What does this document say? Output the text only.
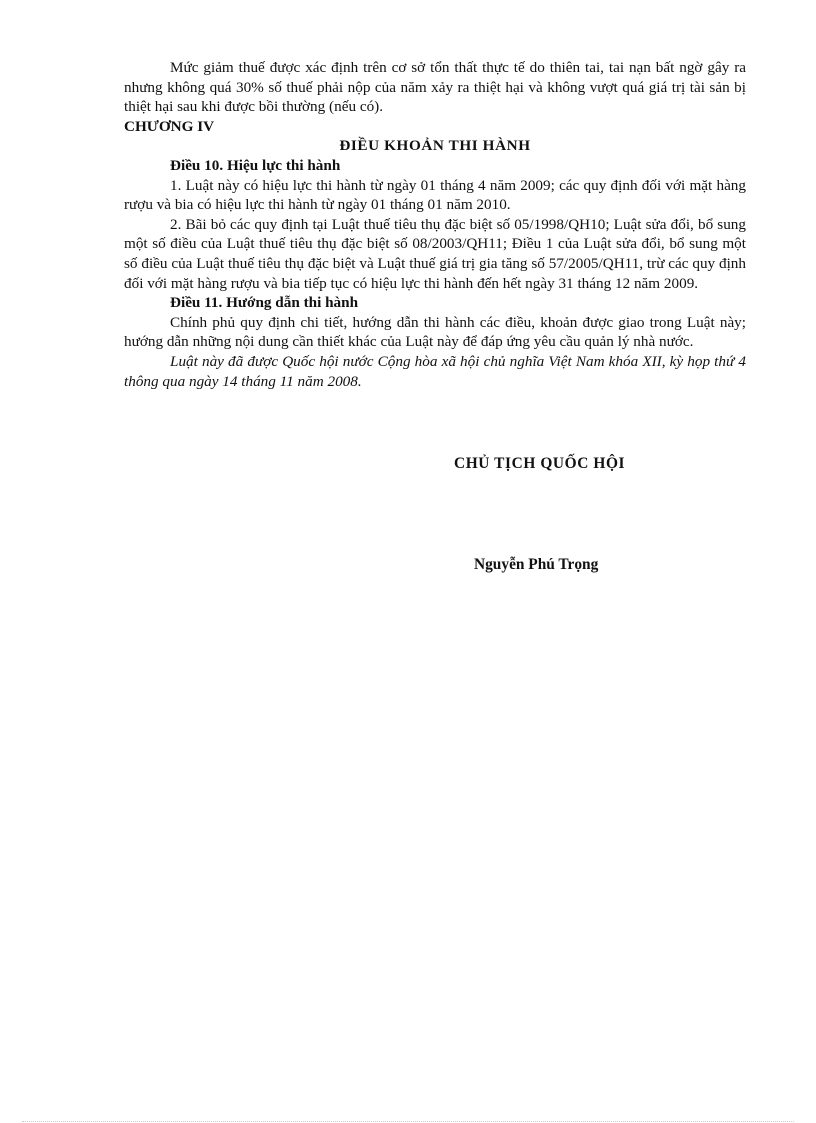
Mức giảm thuế được xác định trên cơ sở tổn thất thực tế do thiên tai, tai nạn bất ngờ gây ra nhưng không quá 30% số thuế phải nộp của năm xảy ra thiệt hại và không vượt quá giá trị tài sản bị thiệt hại sau khi được bồi thường (nếu có).

CHƯƠNG IV

ĐIỀU KHOẢN THI HÀNH

Điều 10. Hiệu lực thi hành

1. Luật này có hiệu lực thi hành từ ngày 01 tháng 4 năm 2009; các quy định đối với mặt hàng rượu và bia có hiệu lực thi hành từ ngày 01 tháng 01 năm 2010.

2. Bãi bỏ các quy định tại Luật thuế tiêu thụ đặc biệt số 05/1998/QH10; Luật sửa đổi, bổ sung một số điều của Luật thuế tiêu thụ đặc biệt số 08/2003/QH11; Điều 1 của Luật sửa đổi, bổ sung một số điều của Luật thuế tiêu thụ đặc biệt và Luật thuế giá trị gia tăng số 57/2005/QH11, trừ các quy định đối với mặt hàng rượu và bia tiếp tục có hiệu lực thi hành đến hết ngày 31 tháng 12 năm 2009.

Điều 11. Hướng dẫn thi hành

Chính phủ quy định chi tiết, hướng dẫn thi hành các điều, khoản được giao trong Luật này; hướng dẫn những nội dung cần thiết khác của Luật này để đáp ứng yêu cầu quản lý nhà nước.

Luật này đã được Quốc hội nước Cộng hòa xã hội chủ nghĩa Việt Nam khóa XII, kỳ họp thứ 4 thông qua ngày 14 tháng 11 năm 2008.

CHỦ TỊCH QUỐC HỘI
Nguyễn Phú Trọng
